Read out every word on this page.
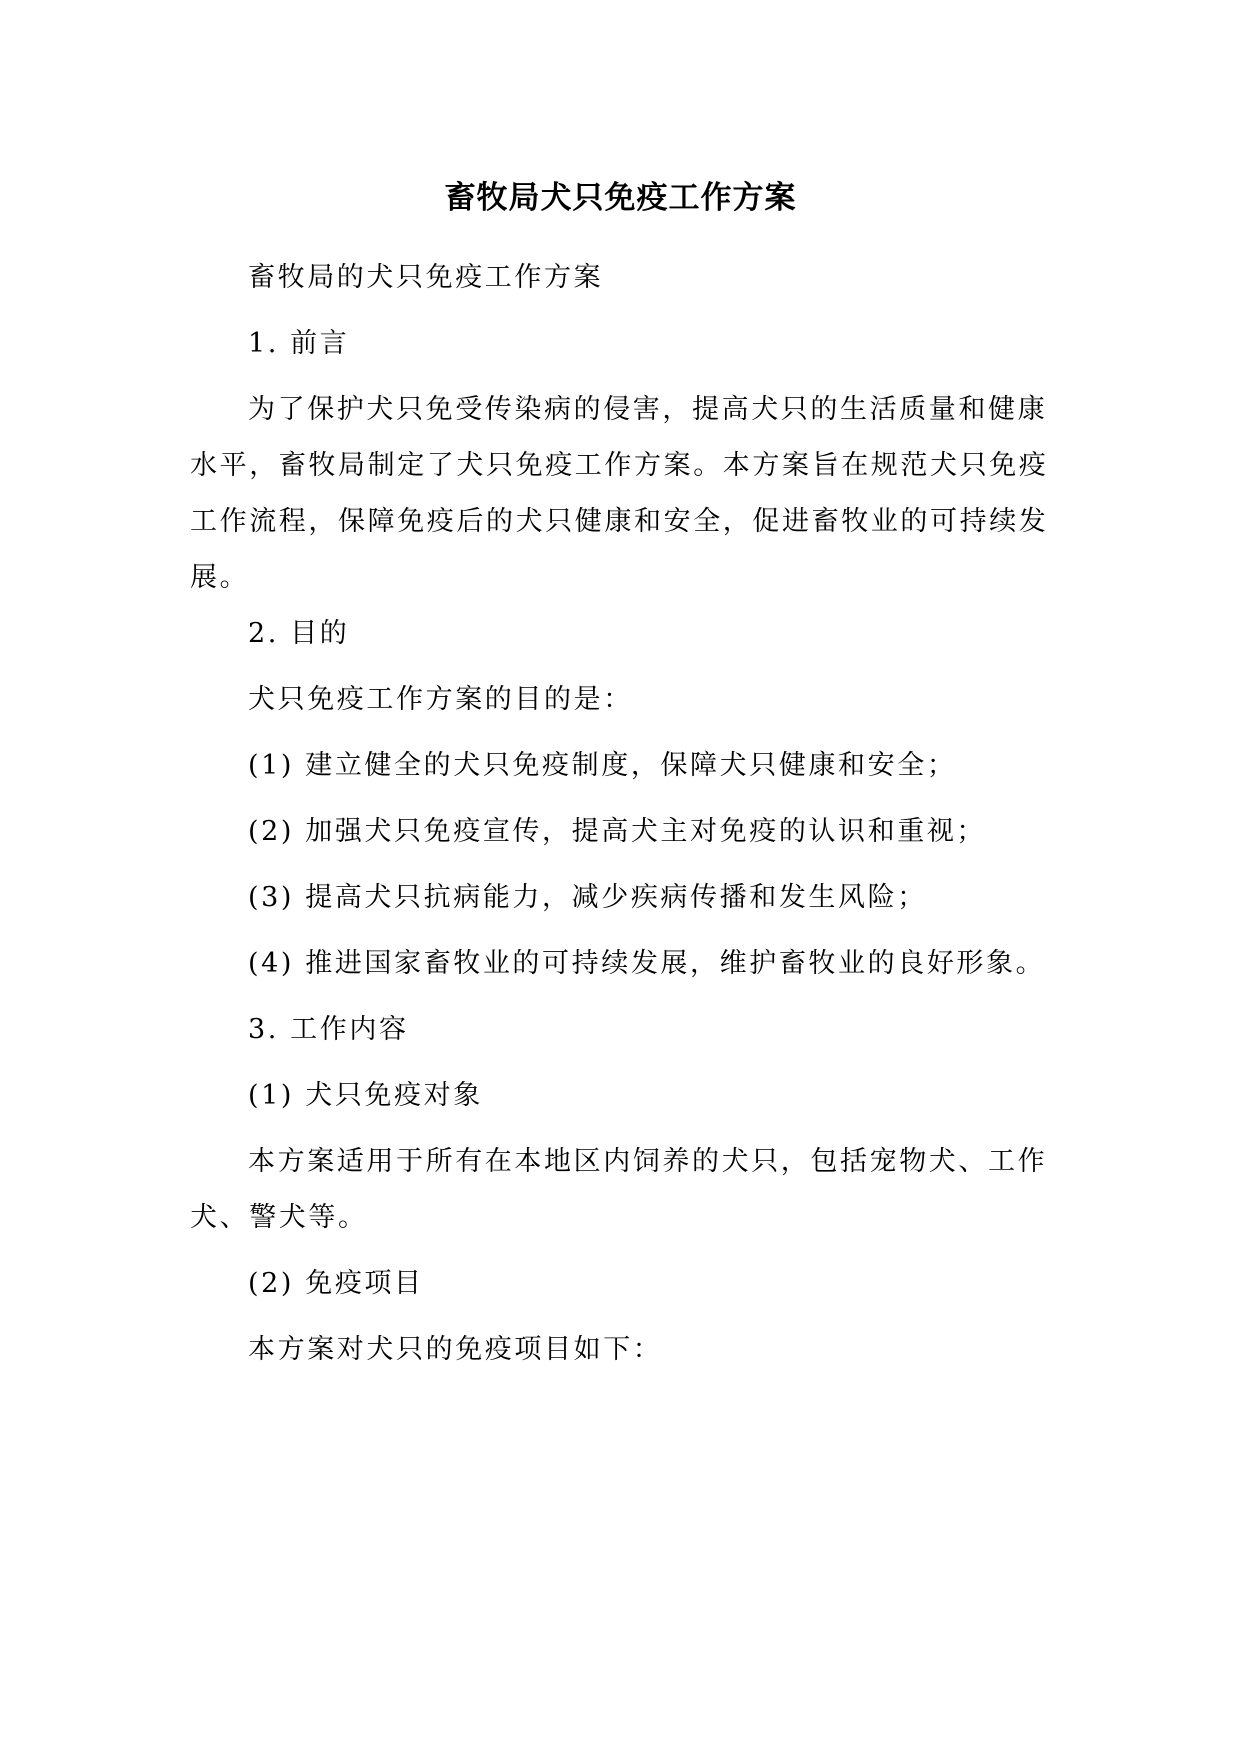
畜牧局犬只免疫工作方案
畜牧局的犬只免疫工作方案
1. 前言
为了保护犬只免受传染病的侵害，提高犬只的生活质量和健康水平，畜牧局制定了犬只免疫工作方案。本方案旨在规范犬只免疫工作流程，保障免疫后的犬只健康和安全，促进畜牧业的可持续发展。
2. 目的
犬只免疫工作方案的目的是：
(1) 建立健全的犬只免疫制度，保障犬只健康和安全；
(2) 加强犬只免疫宣传，提高犬主对免疫的认识和重视；
(3) 提高犬只抗病能力，减少疾病传播和发生风险；
(4) 推进国家畜牧业的可持续发展，维护畜牧业的良好形象。
3. 工作内容
(1) 犬只免疫对象
本方案适用于所有在本地区内饲养的犬只，包括宠物犬、工作犬、警犬等。
(2) 免疫项目
本方案对犬只的免疫项目如下：
